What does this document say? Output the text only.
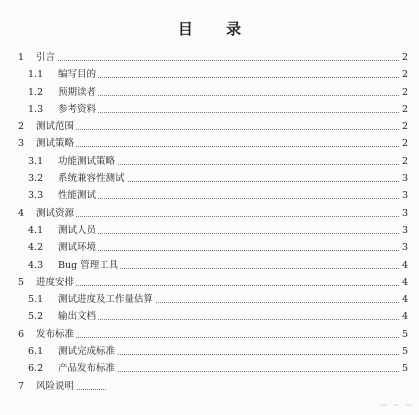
目 录
1 引言	2
1.1 编写目的	2
1.2 预期读者	2
1.3 参考资料	2
2 测试范围	2
3 测试策略	2
3.1 功能测试策略	2
3.2 系统兼容性测试	3
3.3 性能测试	3
4 测试资源	3
4.1 测试人员	3
4.2 测试环境	3
4.3 Bug 管理工具	4
5 进度安排	4
5.1 测试进度及工作量估算	4
5.2 输出文档	4
6 发布标准	5
6.1 测试完成标准	5
6.2 产品发布标准	5
7 风险说明
~ ~ ~
